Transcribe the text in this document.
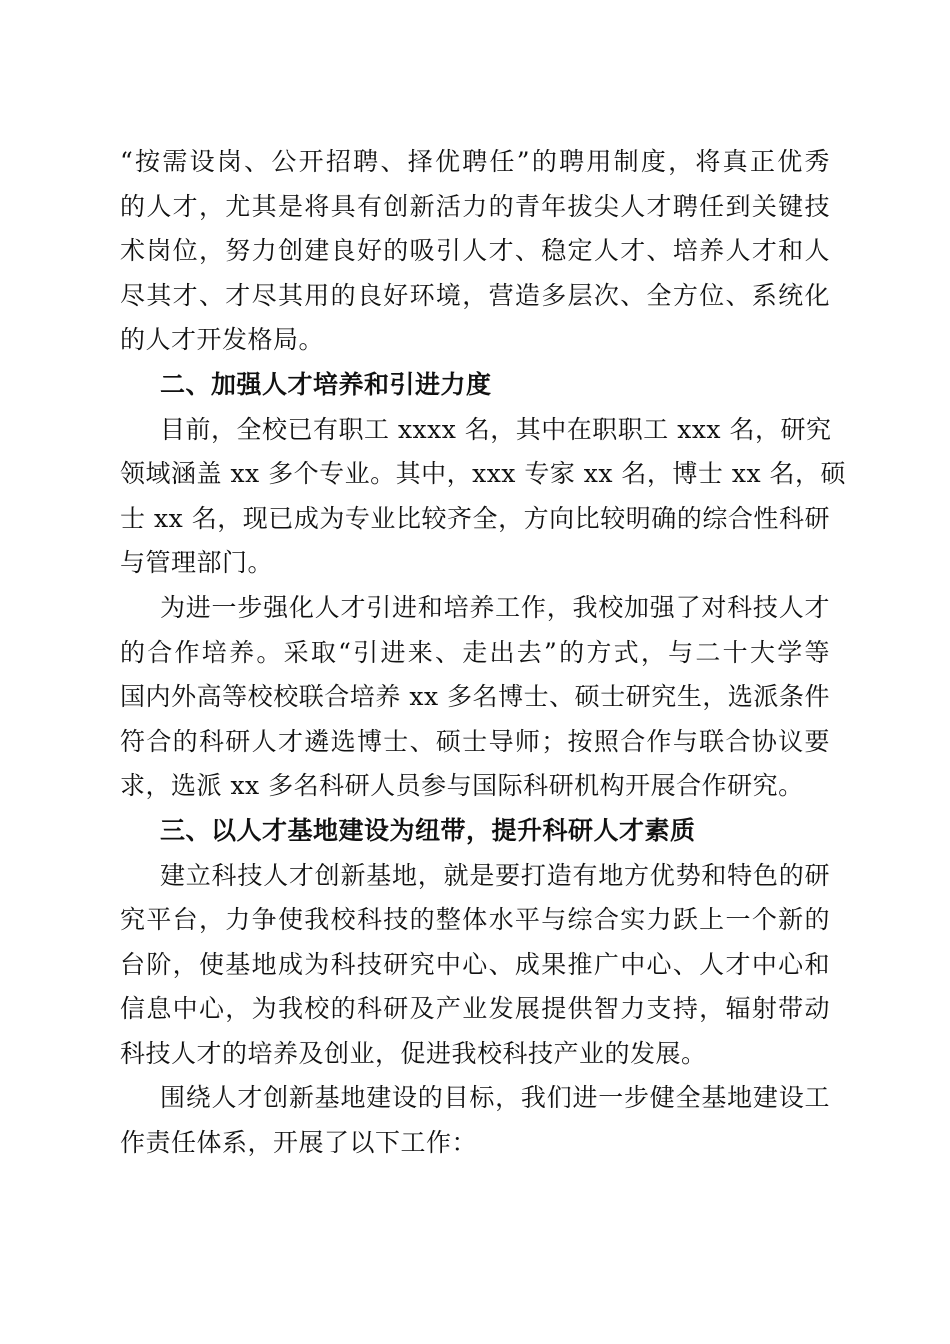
“按需设岗、公开招聘、择优聘任”的聘用制度，将真正优秀
的人才，尤其是将具有创新活力的青年拔尖人才聘任到关键技
术岗位，努力创建良好的吸引人才、稳定人才、培养人才和人
尽其才、才尽其用的良好环境，营造多层次、全方位、系统化
的人才开发格局。
二、加强人才培养和引进力度
目前，全校已有职工 xxxx 名，其中在职职工 xxx 名，研究
领域涵盖 xx 多个专业。其中，xxx 专家 xx 名，博士 xx 名，硕
士 xx 名，现已成为专业比较齐全，方向比较明确的综合性科研
与管理部门。
为进一步强化人才引进和培养工作，我校加强了对科技人才
的合作培养。采取“引进来、走出去”的方式，与二十大学等
国内外高等校校联合培养 xx 多名博士、硕士研究生，选派条件
符合的科研人才遴选博士、硕士导师；按照合作与联合协议要
求，选派 xx 多名科研人员参与国际科研机构开展合作研究。
三、以人才基地建设为纽带，提升科研人才素质
建立科技人才创新基地，就是要打造有地方优势和特色的研
究平台，力争使我校科技的整体水平与综合实力跃上一个新的
台阶，使基地成为科技研究中心、成果推广中心、人才中心和
信息中心，为我校的科研及产业发展提供智力支持，辐射带动
科技人才的培养及创业，促进我校科技产业的发展。
围绕人才创新基地建设的目标，我们进一步健全基地建设工
作责任体系，开展了以下工作：
